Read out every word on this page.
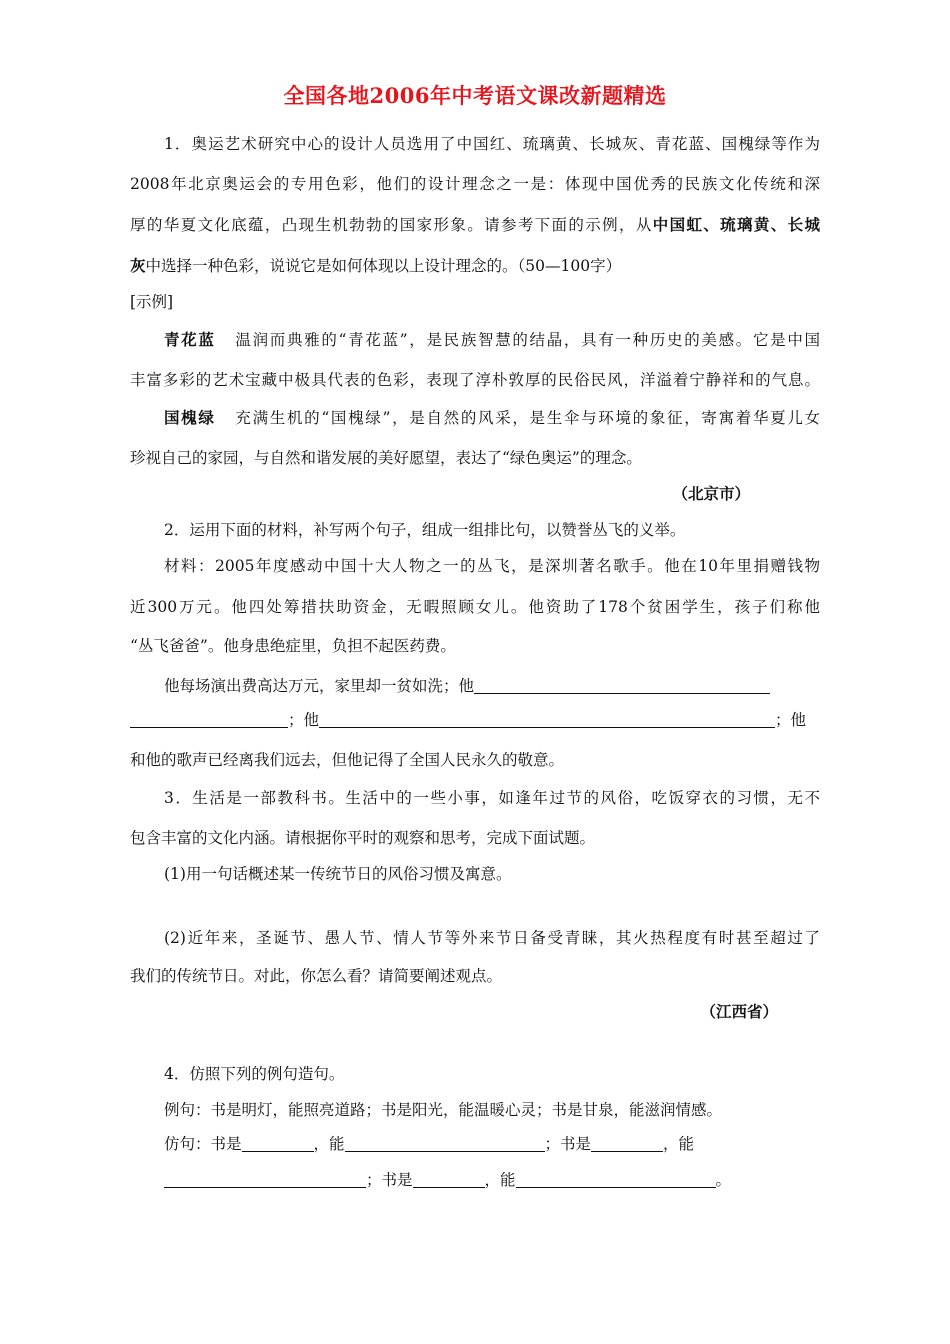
全国各地2006年中考语文课改新题精选
1．奥运艺术研究中心的设计人员选用了中国红、琉璃黄、长城灰、青花蓝、国槐绿等作为
2008年北京奥运会的专用色彩，他们的设计理念之一是：体现中国优秀的民族文化传统和深
厚的华夏文化底蕴，凸现生机勃勃的国家形象。请参考下面的示例，从中国虹、琉璃黄、长城
灰中选择一种色彩，说说它是如何体现以上设计理念的。（50—100字）
[示例]
青花蓝 温润而典雅的“青花蓝”，是民族智慧的结晶，具有一种历史的美感。它是中国
丰富多彩的艺术宝藏中极具代表的色彩，表现了淳朴敦厚的民俗民风，洋溢着宁静祥和的气息。
国槐绿 充满生机的“国槐绿”，是自然的风采，是生伞与环境的象征，寄寓着华夏儿女
珍视自己的家园，与自然和谐发展的美好愿望，表达了“绿色奥运”的理念。
（北京市）
2．运用下面的材料，补写两个句子，组成一组排比句，以赞誉丛飞的义举。
材料：2005年度感动中国十大人物之一的丛飞，是深圳著名歌手。他在10年里捐赠钱物
近300万元。他四处筹措扶助资金，无暇照顾女儿。他资助了178个贫困学生，孩子们称他
“丛飞爸爸”。他身患绝症里，负担不起医药费。
他每场演出费高达万元，家里却一贫如洗；他
；他	；他
和他的歌声已经离我们远去，但他记得了全国人民永久的敬意。
3．生活是一部教科书。生活中的一些小事，如逢年过节的风俗，吃饭穿衣的习惯，无不
包含丰富的文化内涵。请根据你平时的观察和思考，完成下面试题。
(1)用一句话概述某一传统节日的风俗习惯及寓意。
(2)近年来，圣诞节、愚人节、情人节等外来节日备受青睐，其火热程度有时甚至超过了
我们的传统节日。对此，你怎么看？请简要阐述观点。
（江西省）
4．仿照下列的例句造句。
例句：书是明灯，能照亮道路；书是阳光，能温暖心灵；书是甘泉，能滋润情感。
仿句：书是	，能	；书是	，能
；书是	，能	。
